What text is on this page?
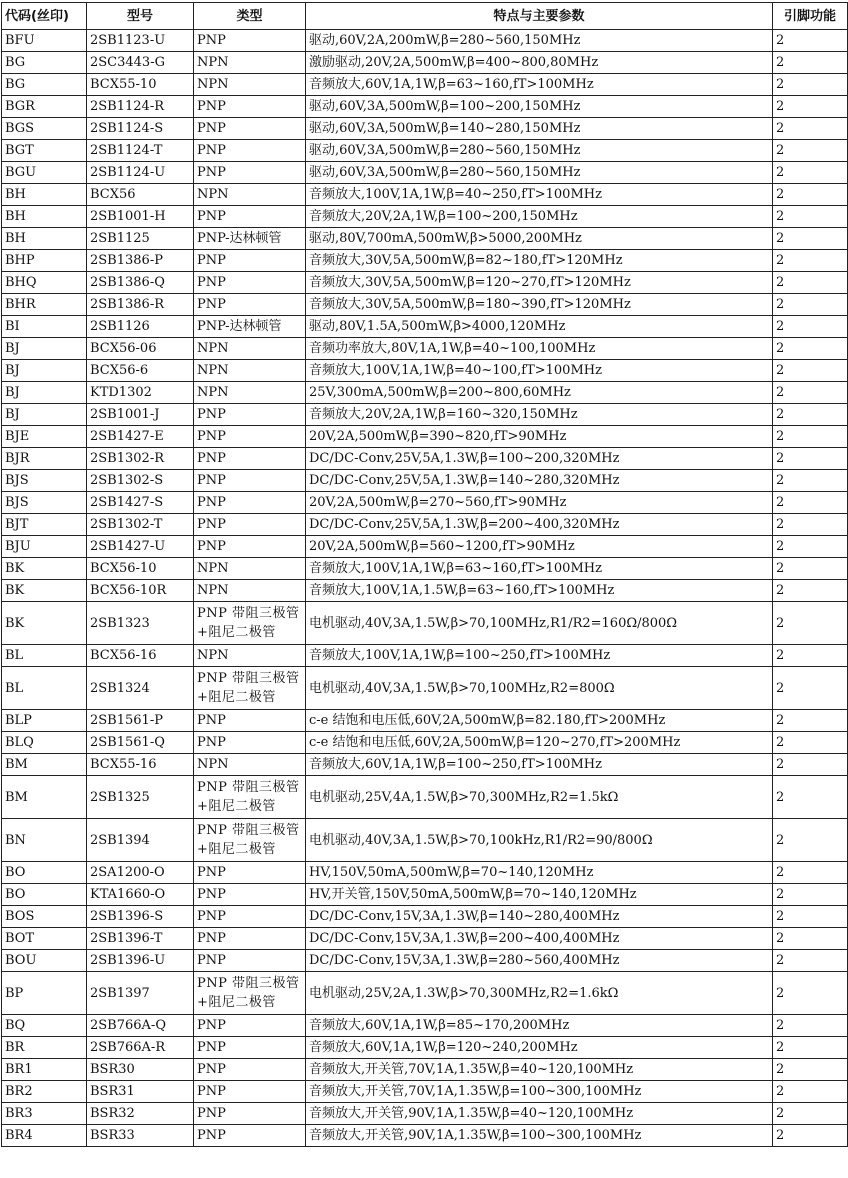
代码(丝印)	型号	类型	特点与主要参数	引脚功能
BFU	2SB1123-U	PNP	驱动,60V,2A,200mW,β=280~560,150MHz	2
BG	2SC3443-G	NPN	激励驱动,20V,2A,500mW,β=400~800,80MHz	2
BG	BCX55-10	NPN	音频放大,60V,1A,1W,β=63~160,fT>100MHz	2
BGR	2SB1124-R	PNP	驱动,60V,3A,500mW,β=100~200,150MHz	2
BGS	2SB1124-S	PNP	驱动,60V,3A,500mW,β=140~280,150MHz	2
BGT	2SB1124-T	PNP	驱动,60V,3A,500mW,β=280~560,150MHz	2
BGU	2SB1124-U	PNP	驱动,60V,3A,500mW,β=280~560,150MHz	2
BH	BCX56	NPN	音频放大,100V,1A,1W,β=40~250,fT>100MHz	2
BH	2SB1001-H	PNP	音频放大,20V,2A,1W,β=100~200,150MHz	2
BH	2SB1125	PNP-达林顿管	驱动,80V,700mA,500mW,β>5000,200MHz	2
BHP	2SB1386-P	PNP	音频放大,30V,5A,500mW,β=82~180,fT>120MHz	2
BHQ	2SB1386-Q	PNP	音频放大,30V,5A,500mW,β=120~270,fT>120MHz	2
BHR	2SB1386-R	PNP	音频放大,30V,5A,500mW,β=180~390,fT>120MHz	2
BI	2SB1126	PNP-达林顿管	驱动,80V,1.5A,500mW,β>4000,120MHz	2
BJ	BCX56-06	NPN	音频功率放大,80V,1A,1W,β=40~100,100MHz	2
BJ	BCX56-6	NPN	音频放大,100V,1A,1W,β=40~100,fT>100MHz	2
BJ	KTD1302	NPN	25V,300mA,500mW,β=200~800,60MHz	2
BJ	2SB1001-J	PNP	音频放大,20V,2A,1W,β=160~320,150MHz	2
BJE	2SB1427-E	PNP	20V,2A,500mW,β=390~820,fT>90MHz	2
BJR	2SB1302-R	PNP	DC/DC-Conv,25V,5A,1.3W,β=100~200,320MHz	2
BJS	2SB1302-S	PNP	DC/DC-Conv,25V,5A,1.3W,β=140~280,320MHz	2
BJS	2SB1427-S	PNP	20V,2A,500mW,β=270~560,fT>90MHz	2
BJT	2SB1302-T	PNP	DC/DC-Conv,25V,5A,1.3W,β=200~400,320MHz	2
BJU	2SB1427-U	PNP	20V,2A,500mW,β=560~1200,fT>90MHz	2
BK	BCX56-10	NPN	音频放大,100V,1A,1W,β=63~160,fT>100MHz	2
BK	BCX56-10R	NPN	音频放大,100V,1A,1.5W,β=63~160,fT>100MHz	2
BK	2SB1323	PNP 带阻三极管+阻尼二极管	电机驱动,40V,3A,1.5W,β>70,100MHz,R1/R2=160Ω/800Ω	2
BL	BCX56-16	NPN	音频放大,100V,1A,1W,β=100~250,fT>100MHz	2
BL	2SB1324	PNP 带阻三极管+阻尼二极管	电机驱动,40V,3A,1.5W,β>70,100MHz,R2=800Ω	2
BLP	2SB1561-P	PNP	c-e 结饱和电压低,60V,2A,500mW,β=82.180,fT>200MHz	2
BLQ	2SB1561-Q	PNP	c-e 结饱和电压低,60V,2A,500mW,β=120~270,fT>200MHz	2
BM	BCX55-16	NPN	音频放大,60V,1A,1W,β=100~250,fT>100MHz	2
BM	2SB1325	PNP 带阻三极管+阻尼二极管	电机驱动,25V,4A,1.5W,β>70,300MHz,R2=1.5kΩ	2
BN	2SB1394	PNP 带阻三极管+阻尼二极管	电机驱动,40V,3A,1.5W,β>70,100kHz,R1/R2=90/800Ω	2
BO	2SA1200-O	PNP	HV,150V,50mA,500mW,β=70~140,120MHz	2
BO	KTA1660-O	PNP	HV,开关管,150V,50mA,500mW,β=70~140,120MHz	2
BOS	2SB1396-S	PNP	DC/DC-Conv,15V,3A,1.3W,β=140~280,400MHz	2
BOT	2SB1396-T	PNP	DC/DC-Conv,15V,3A,1.3W,β=200~400,400MHz	2
BOU	2SB1396-U	PNP	DC/DC-Conv,15V,3A,1.3W,β=280~560,400MHz	2
BP	2SB1397	PNP 带阻三极管+阻尼二极管	电机驱动,25V,2A,1.3W,β>70,300MHz,R2=1.6kΩ	2
BQ	2SB766A-Q	PNP	音频放大,60V,1A,1W,β=85~170,200MHz	2
BR	2SB766A-R	PNP	音频放大,60V,1A,1W,β=120~240,200MHz	2
BR1	BSR30	PNP	音频放大,开关管,70V,1A,1.35W,β=40~120,100MHz	2
BR2	BSR31	PNP	音频放大,开关管,70V,1A,1.35W,β=100~300,100MHz	2
BR3	BSR32	PNP	音频放大,开关管,90V,1A,1.35W,β=40~120,100MHz	2
BR4	BSR33	PNP	音频放大,开关管,90V,1A,1.35W,β=100~300,100MHz	2
